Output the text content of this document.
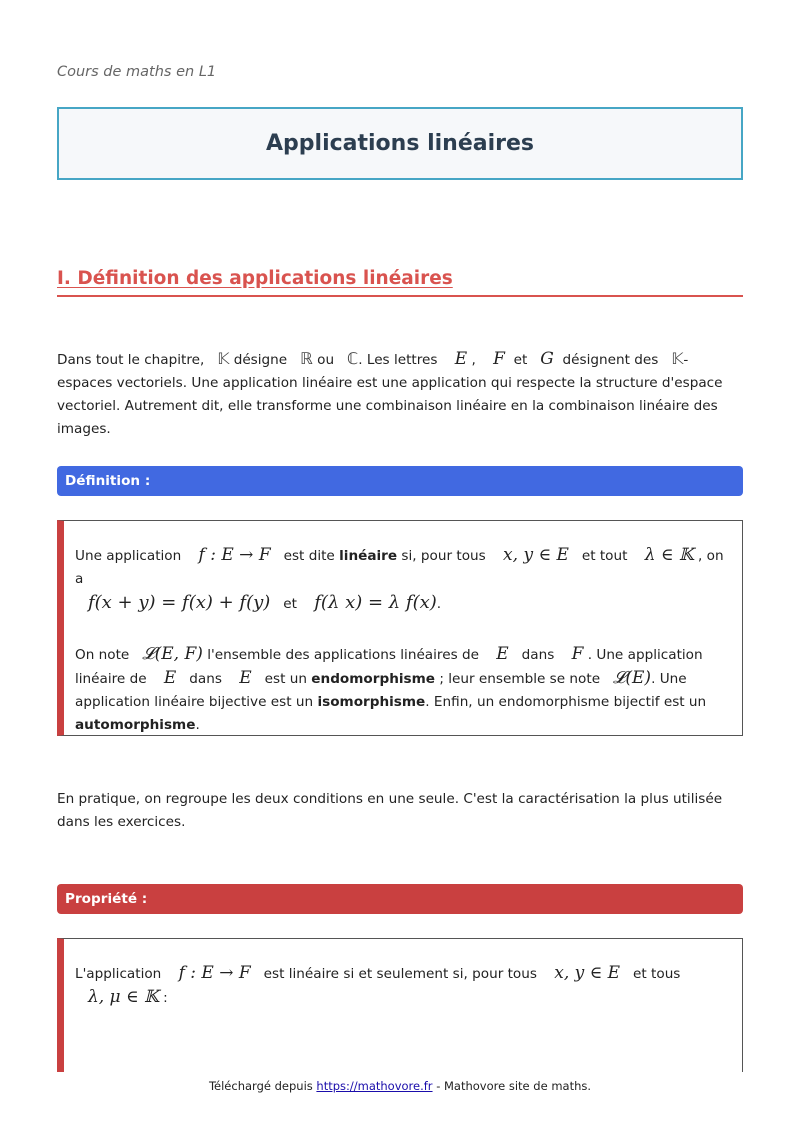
Cours de maths en L1
Applications linéaires
I. Définition des applications linéaires

Dans tout le chapitre,   𝕂 désigne   ℝ ou   ℂ. Les lettres    E ,    F  et   G  désignent des   𝕂-espaces vectoriels. Une application linéaire est une application qui respecte la structure d'espace vectoriel. Autrement dit, elle transforme une combinaison linéaire en la combinaison linéaire des images.

Définition :

Une application    f : E → F   est dite linéaire si, pour tous    x, y ∈ E   et tout    λ ∈ 𝕂 , on a
f(x + y) = f(x) + f(y)   et    f(λ x) = λ f(x).

On note   𝓛(E, F) l'ensemble des applications linéaires de    E   dans    F . Une application linéaire de    E   dans    E   est un endomorphisme ; leur ensemble se note   𝓛(E). Une application linéaire bijective est un isomorphisme. Enfin, un endomorphisme bijectif est un automorphisme.

En pratique, on regroupe les deux conditions en une seule. C'est la caractérisation la plus utilisée dans les exercices.

Propriété :

L'application    f : E → F   est linéaire si et seulement si, pour tous    x, y ∈ E   et tous
λ, μ ∈ 𝕂 :

Téléchargé depuis https://mathovore.fr - Mathovore site de maths.
